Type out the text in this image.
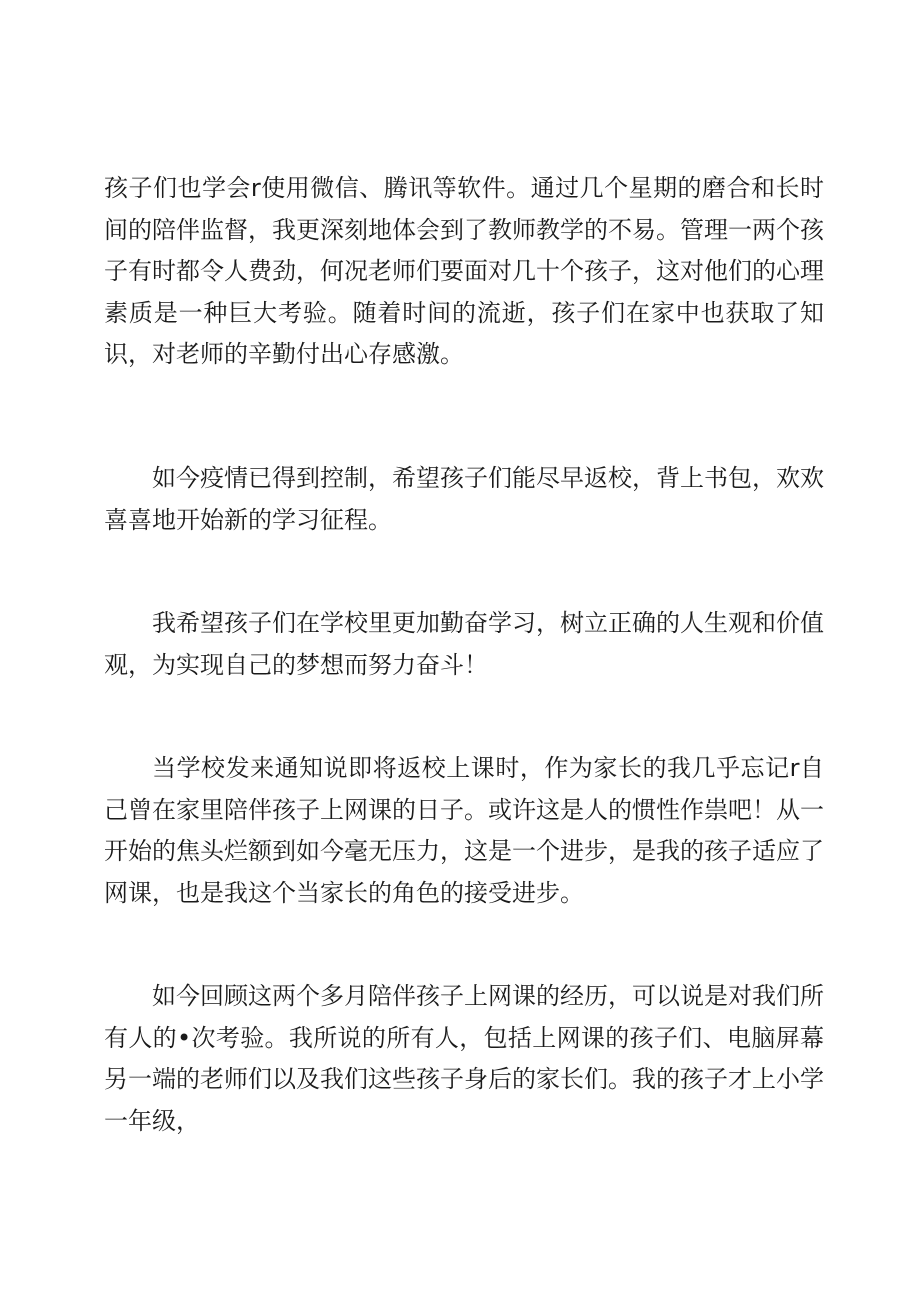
孩子们也学会r使用微信、腾讯等软件。通过几个星期的磨合和长时间的陪伴监督，我更深刻地体会到了教师教学的不易。管理一两个孩子有时都令人费劲，何况老师们要面对几十个孩子，这对他们的心理素质是一种巨大考验。随着时间的流逝，孩子们在家中也获取了知识，对老师的辛勤付出心存感激。

如今疫情已得到控制，希望孩子们能尽早返校，背上书包，欢欢喜喜地开始新的学习征程。

我希望孩子们在学校里更加勤奋学习，树立正确的人生观和价值观，为实现自己的梦想而努力奋斗！

当学校发来通知说即将返校上课时，作为家长的我几乎忘记r自己曾在家里陪伴孩子上网课的日子。或许这是人的惯性作祟吧！从一开始的焦头烂额到如今毫无压力，这是一个进步，是我的孩子适应了网课，也是我这个当家长的角色的接受进步。

如今回顾这两个多月陪伴孩子上网课的经历，可以说是对我们所有人的•次考验。我所说的所有人，包括上网课的孩子们、电脑屏幕另一端的老师们以及我们这些孩子身后的家长们。我的孩子才上小学一年级，
